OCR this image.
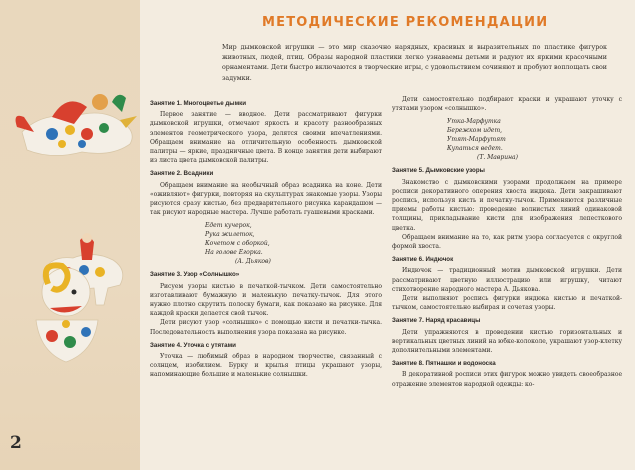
2
МЕТОДИЧЕСКИЕ РЕКОМЕНДАЦИИ
Мир дымковской игрушки — это мир сказочно нарядных, красивых и выразительных по пластике фигурок животных, людей, птиц. Образы народной пластики легко узнаваемы детьми и радуют их яркими красочными орнаментами. Дети быстро включаются в творческие игры, с удовольствием сочиняют и пробуют воплощать свои задумки.
Занятие 1. Многоцветье дымки

Первое занятие — вводное. Дети рассматривают фигурки дымковской игрушки, отмечают яркость и красоту разнообразных элементов геометрического узора, делятся своими впечатлениями. Обращаем внимание на отличительную особенность дымковской палитры — яркие, праздничные цвета. В конце занятия дети выбирают из листа цвета дымковской палитры.

Занятие 2. Всадники

Обращаем внимание на необычный образ всадника на коне. Дети «оживляют» фигурки, повторяя на скульптурах знакомые узоры. Узоры рисуются сразу кистью, без предварительного рисунка карандашом — так рисуют народные мастера. Лучше работать гуашевыми красками.

Едет кучерок,
Рука жилеток,
Кочетом с оборкой,
На голове Егорка.
(А. Дьяков)
Занятие 3. Узор «Солнышко»

Рисуем узоры кистью в печаткой-тычком. Дети самостоятельно изготавливают бумажную и маленькую печатку-тычок. Для этого нужно плотно скрутить полоску бумаги, как показано на рисунке. Для каждой краски делается свой тычок.

Дети рисуют узор «солнышко» с помощью кисти и печатки-тычка. Последовательность выполнения узора показана на рисунке.

Занятие 4. Уточка с утятами

Уточка — любимый образ в народном творчестве, связанный с солнцем, изобилием. Бурку и крылья птицы украшают узоры, напоминающие большие и маленькие солнышки.

Дети самостоятельно подбирают краски и украшают уточку с утятами узором «солнышко».

Утка-Марфутка
Бережком идет,
Утят-Марфутят
Купаться ведет.
(Т. Маврина)
Занятие 5. Дымковские узоры

Знакомство с дымковскими узорами продолжаем на примере росписи декоративного оперения хвоста индюка. Дети закрашивают роспись, используя кисть и печатку-тычок. Применяются различные приемы работы кистью: проведение волнистых линий одинаковой толщины, прикладывание кисти для изображения лепесткового цветка.

Обращаем внимание на то, как ритм узора согласуется с округлой формой хвоста.

Занятие 6. Индючок

Индючок — традиционный мотив дымковской игрушки. Дети рассматривают цветную иллюстрацию или игрушку, читают стихотворение народного мастера А. Дьякова.

Дети выполняют роспись фигурки индюка кистью и печаткой-тычком, самостоятельно выбирая и сочетая узоры.

Занятие 7. Наряд красавицы

Дети упражняются в проведении кистью горизонтальных и вертикальных цветных линий на юбке-колоколе, украшают узор-клетку дополнительными элементами.

Занятие 8. Пятнашки и водоноска

В декоративной росписи этих фигурок можно увидеть своеобразное отражение элементов народной одежды: ко-
